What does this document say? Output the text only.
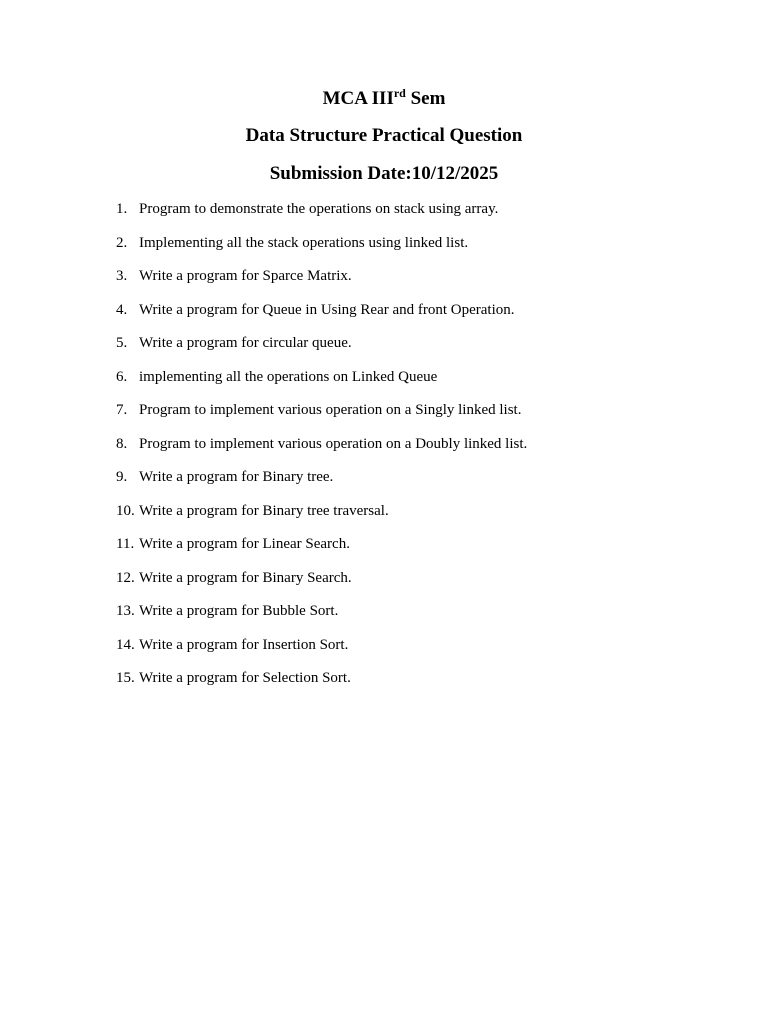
MCA IIIrd Sem
Data Structure Practical Question
Submission Date:10/12/2025
1. Program to demonstrate the operations on stack using array.
2. Implementing all the stack operations using linked list.
3. Write a program for Sparce Matrix.
4. Write a program for Queue in Using Rear and front Operation.
5. Write a program for circular queue.
6. implementing all the operations on Linked Queue
7. Program to implement various operation on a Singly linked list.
8. Program to implement various operation on a Doubly linked list.
9. Write a program for Binary tree.
10. Write a program for Binary tree traversal.
11. Write a program for Linear Search.
12. Write a program for Binary Search.
13. Write a program for Bubble Sort.
14. Write a program for Insertion Sort.
15. Write a program for Selection Sort.
